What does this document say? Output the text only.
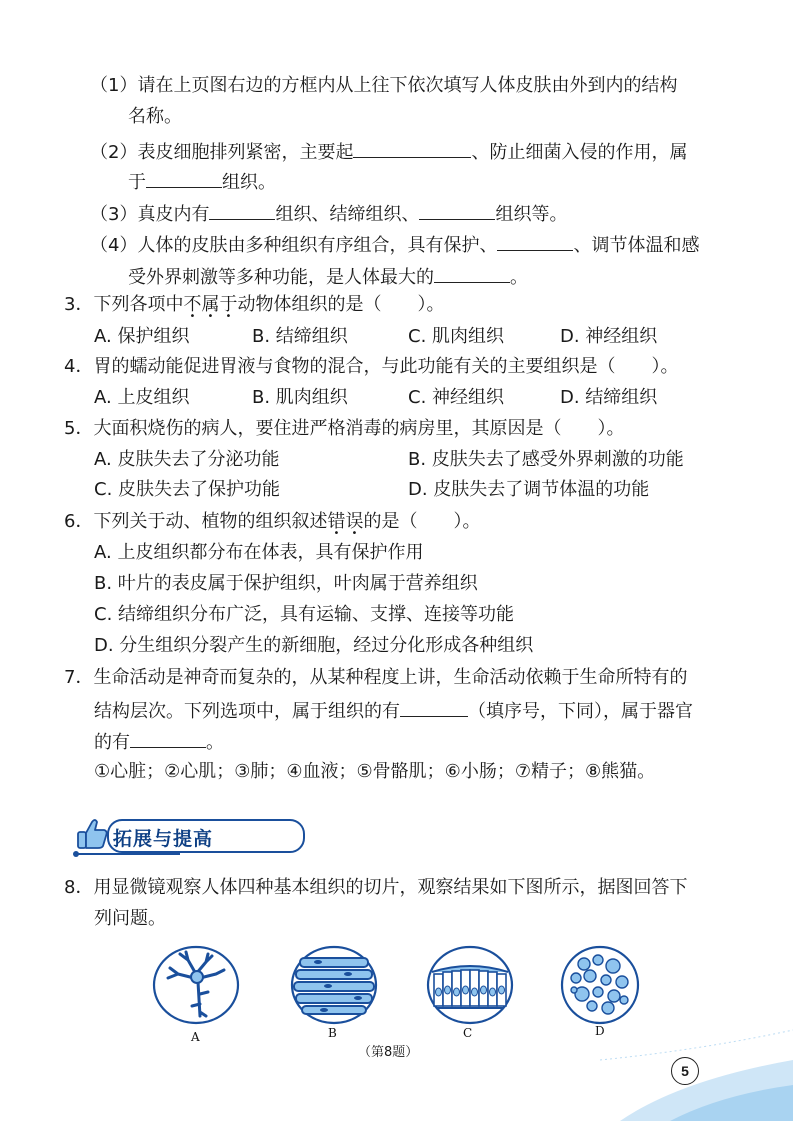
（1）请在上页图右边的方框内从上往下依次填写人体皮肤由外到内的结构
名称。
（2）表皮细胞排列紧密，主要起	、防止细菌入侵的作用，属
于	组织。
（3）真皮内有	组织、结缔组织、	组织等。
（4）人体的皮肤由多种组织有序组合，具有保护、	、调节体温和感
受外界刺激等多种功能，是人体最大的	。
3．下列各项中不属于动物体组织的是（　　）。
A. 保护组织	B. 结缔组织	C. 肌肉组织	D. 神经组织
4．胃的蠕动能促进胃液与食物的混合，与此功能有关的主要组织是（　　）。
A. 上皮组织	B. 肌肉组织	C. 神经组织	D. 结缔组织
5．大面积烧伤的病人，要住进严格消毒的病房里，其原因是（　　）。
A. 皮肤失去了分泌功能	B. 皮肤失去了感受外界刺激的功能
C. 皮肤失去了保护功能	D. 皮肤失去了调节体温的功能
6．下列关于动、植物的组织叙述错误的是（　　）。
A. 上皮组织都分布在体表，具有保护作用
B. 叶片的表皮属于保护组织，叶肉属于营养组织
C. 结缔组织分布广泛，具有运输、支撑、连接等功能
D. 分生组织分裂产生的新细胞，经过分化形成各种组织
7．生命活动是神奇而复杂的，从某种程度上讲，生命活动依赖于生命所特有的
结构层次。下列选项中，属于组织的有	（填序号，下同），属于器官
的有	。
①心脏；②心肌；③肺；④血液；⑤骨骼肌；⑥小肠；⑦精子；⑧熊猫。
拓展与提高
8．用显微镜观察人体四种基本组织的切片，观察结果如下图所示，据图回答下
列问题。
A	B	C	D
（第8题）
5
